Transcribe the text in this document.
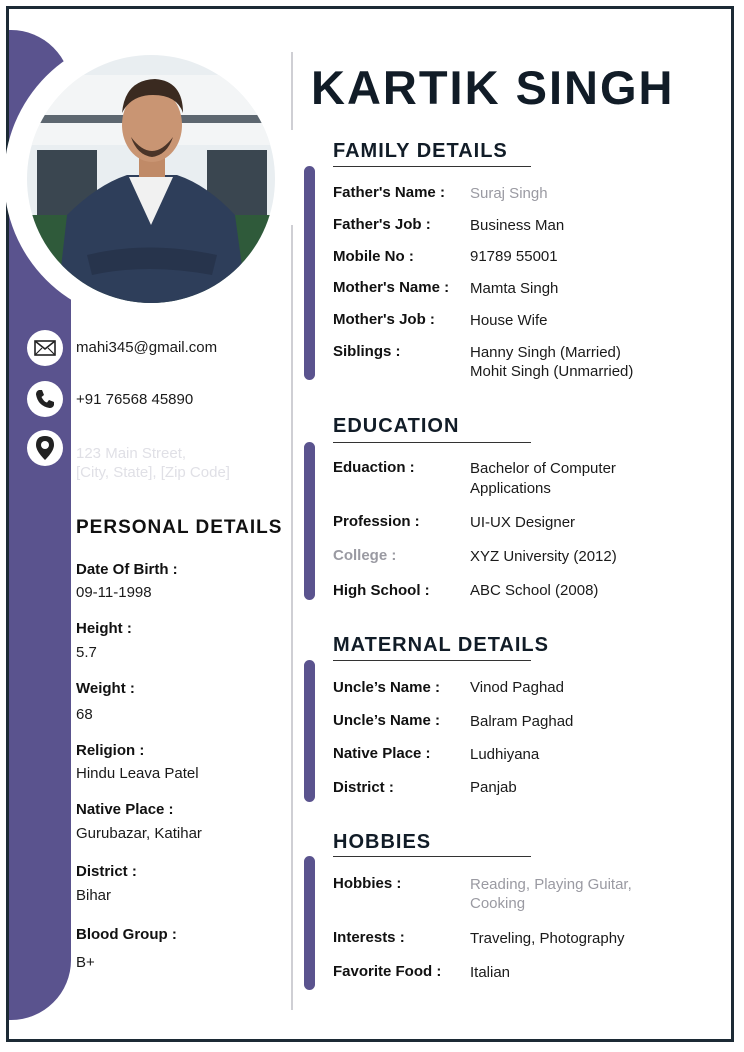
KARTIK SINGH
mahi345@gmail.com
+91 76568 45890
123 Main Street,
[City, State], [Zip Code]
PERSONAL DETAILS
Date Of Birth :
09-11-1998
Height :
5.7
Weight :
68
Religion :
Hindu Leava Patel
Native Place :
Gurubazar, Katihar
District :
Bihar
Blood Group :
B+
FAMILY DETAILS
Father's Name : Suraj Singh
Father's Job :	Business Man
Mobile No :	91789 55001
Mother's Name : Mamta Singh
Mother's Job : House Wife
Siblings :	Hanny Singh (Married)
Mohit Singh (Unmarried)
EDUCATION
Eduaction :	Bachelor of Computer
Applications
Profession :	UI-UX Designer
College :	XYZ University (2012)
High School :	ABC School (2008)
MATERNAL DETAILS
Uncle’s Name : Vinod Paghad
Uncle’s Name : Balram Paghad
Native Place :	Ludhiyana
District :	Panjab
HOBBIES
Hobbies :	Reading, Playing Guitar,
Cooking
Interests :	Traveling, Photography
Favorite Food : Italian
